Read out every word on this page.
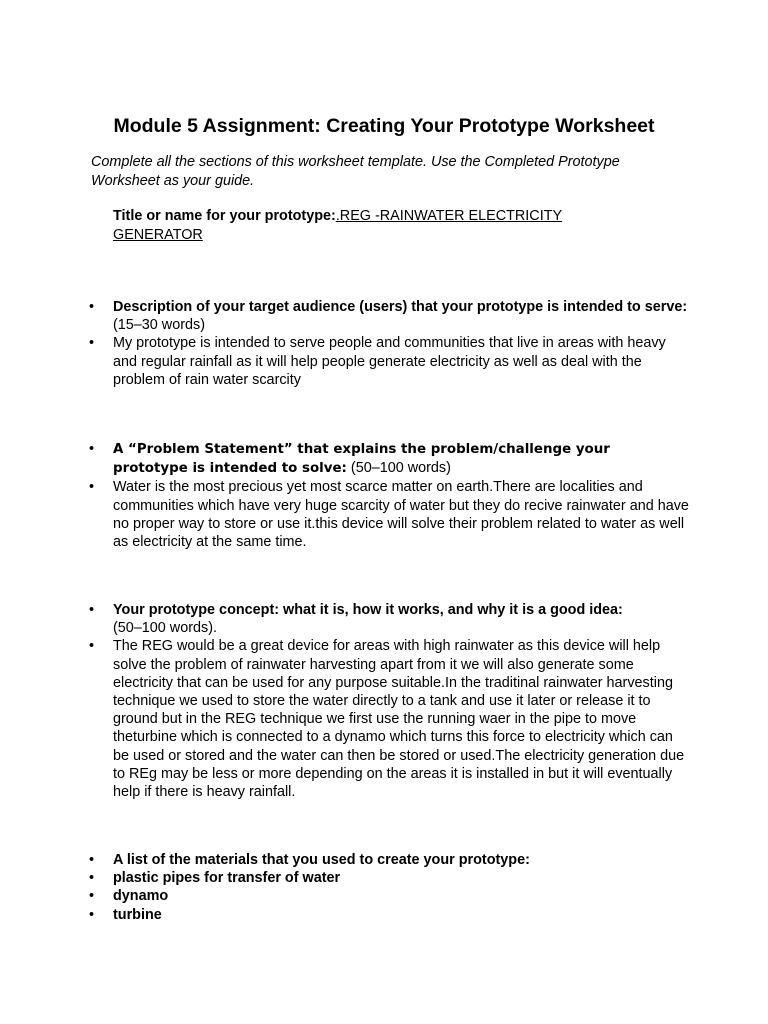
Module 5 Assignment: Creating Your Prototype Worksheet
Complete all the sections of this worksheet template. Use the Completed Prototype Worksheet as your guide.
Title or name for your prototype:.REG -RAINWATER ELECTRICITY GENERATOR
•	Description of your target audience (users) that your prototype is intended to serve: (15–30 words)
•	My prototype is intended to serve people and communities that live in areas with heavy and regular rainfall as it will help people generate electricity as well as deal with the problem of rain water scarcity
•	A “Problem Statement” that explains the problem/challenge your prototype is intended to solve: (50–100 words)
•	Water is the most precious yet most scarce matter on earth.There are localities and communities which have very huge scarcity of water but they do recive rainwater and have no proper way to store or use it.this device will solve their problem related to water as well as electricity at the same time.
•	Your prototype concept: what it is, how it works, and why it is a good idea:
(50–100 words).
•	The REG would be a great device for areas with high rainwater as this device will help solve the problem of rainwater harvesting apart from it we will also generate some electricity that can be used for any purpose suitable.In the traditinal rainwater harvesting technique we used to store the water directly to a tank and use it later or release it to ground but in the REG technique we first use the running waer in the pipe to move theturbine which is connected to a dynamo which turns this force to electricity which can be used or stored and the water can then be stored or used.The electricity generation due to REg may be less or more depending on the areas it is installed in but it will eventually help if there is heavy rainfall.
•	A list of the materials that you used to create your prototype:
•	plastic pipes for transfer of water
•	dynamo
•	turbine
